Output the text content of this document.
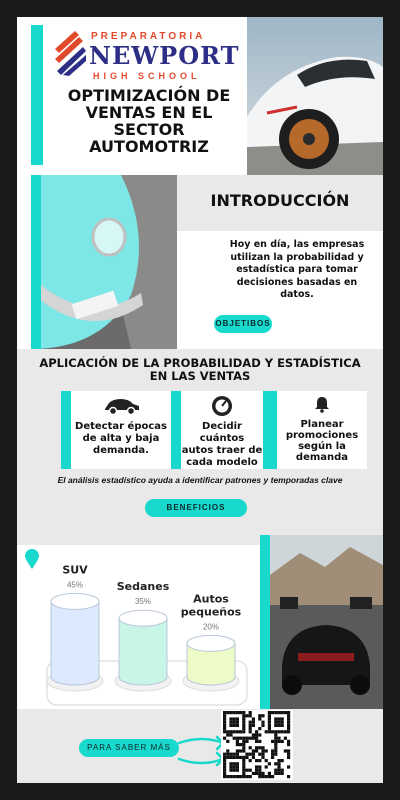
PREPARATORIA
NEWPORT
HIGH SCHOOL
OPTIMIZACIÓN DE
VENTAS EN EL
SECTOR
AUTOMOTRIZ
INTRODUCCIÓN
Hoy en día, las empresas
utilizan la probabilidad y
estadística para tomar
decisiones basadas en
datos.
OBJETIBOS
APLICACIÓN DE LA PROBABILIDAD Y ESTADÍSTICA
EN LAS VENTAS
Detectar épocas
de alta y baja
demanda.
Decidir cuántos
autos traer de
cada modelo
Planear
promociones
según la
demanda
El análisis estadístico ayuda a identificar patrones y temporadas clave
BENEFICIOS
45%
SUV
35%
Sedanes
20%
Autos
pequeños
PARA SABER MÁS
